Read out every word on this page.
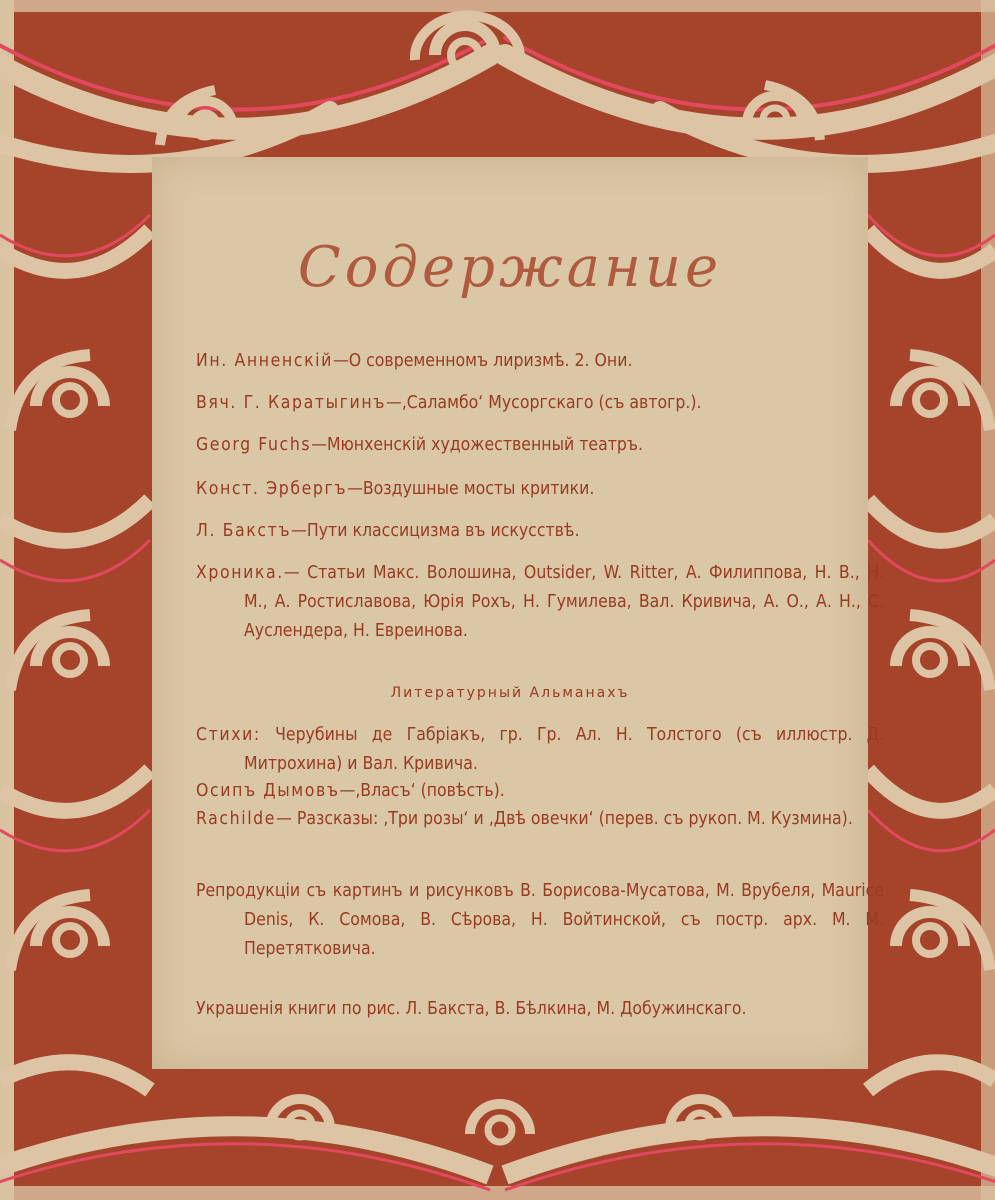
Содержание
Ин. Анненскій—О современномъ лиризмѣ. 2. Они.
Вяч. Г. Каратыгинъ—‚Саламбо‘ Мусоргскаго (съ автогр.).
Georg Fuchs—Мюнхенскій художественный театръ.
Конст. Эрбергъ—Воздушные мосты критики.
Л. Бакстъ—Пути классицизма въ искусствѣ.
Хроника.— Статьи Макс. Волошина, Outsider, W. Ritter, А. Филиппова, Н. В., Н. М., А. Ростиславова, Юрія Рохъ, Н. Гумилева, Вал. Кривича, А. О., А. Н., С. Ауслендера, Н. Евреинова.
Литературный Альманахъ
Стихи: Черубины де Габріакъ, гр. Гр. Ал. Н. Толстого (съ иллюстр. Д. Митрохина) и Вал. Кривича.
Осипъ Дымовъ—‚Власъ‘ (повѣсть).
Rachilde— Разсказы: ‚Три розы‘ и ‚Двѣ овечки‘ (перев. съ рукоп. М. Кузмина).
Репродукціи съ картинъ и рисунковъ В. Борисова-Мусатова, М. Врубеля, Maurice Denis, К. Сомова, В. Сѣрова, Н. Войтинской, съ постр. арх. М. М. Перетятковича.
Украшенія книги по рис. Л. Бакста, В. Бѣлкина, М. Добужинскаго.
